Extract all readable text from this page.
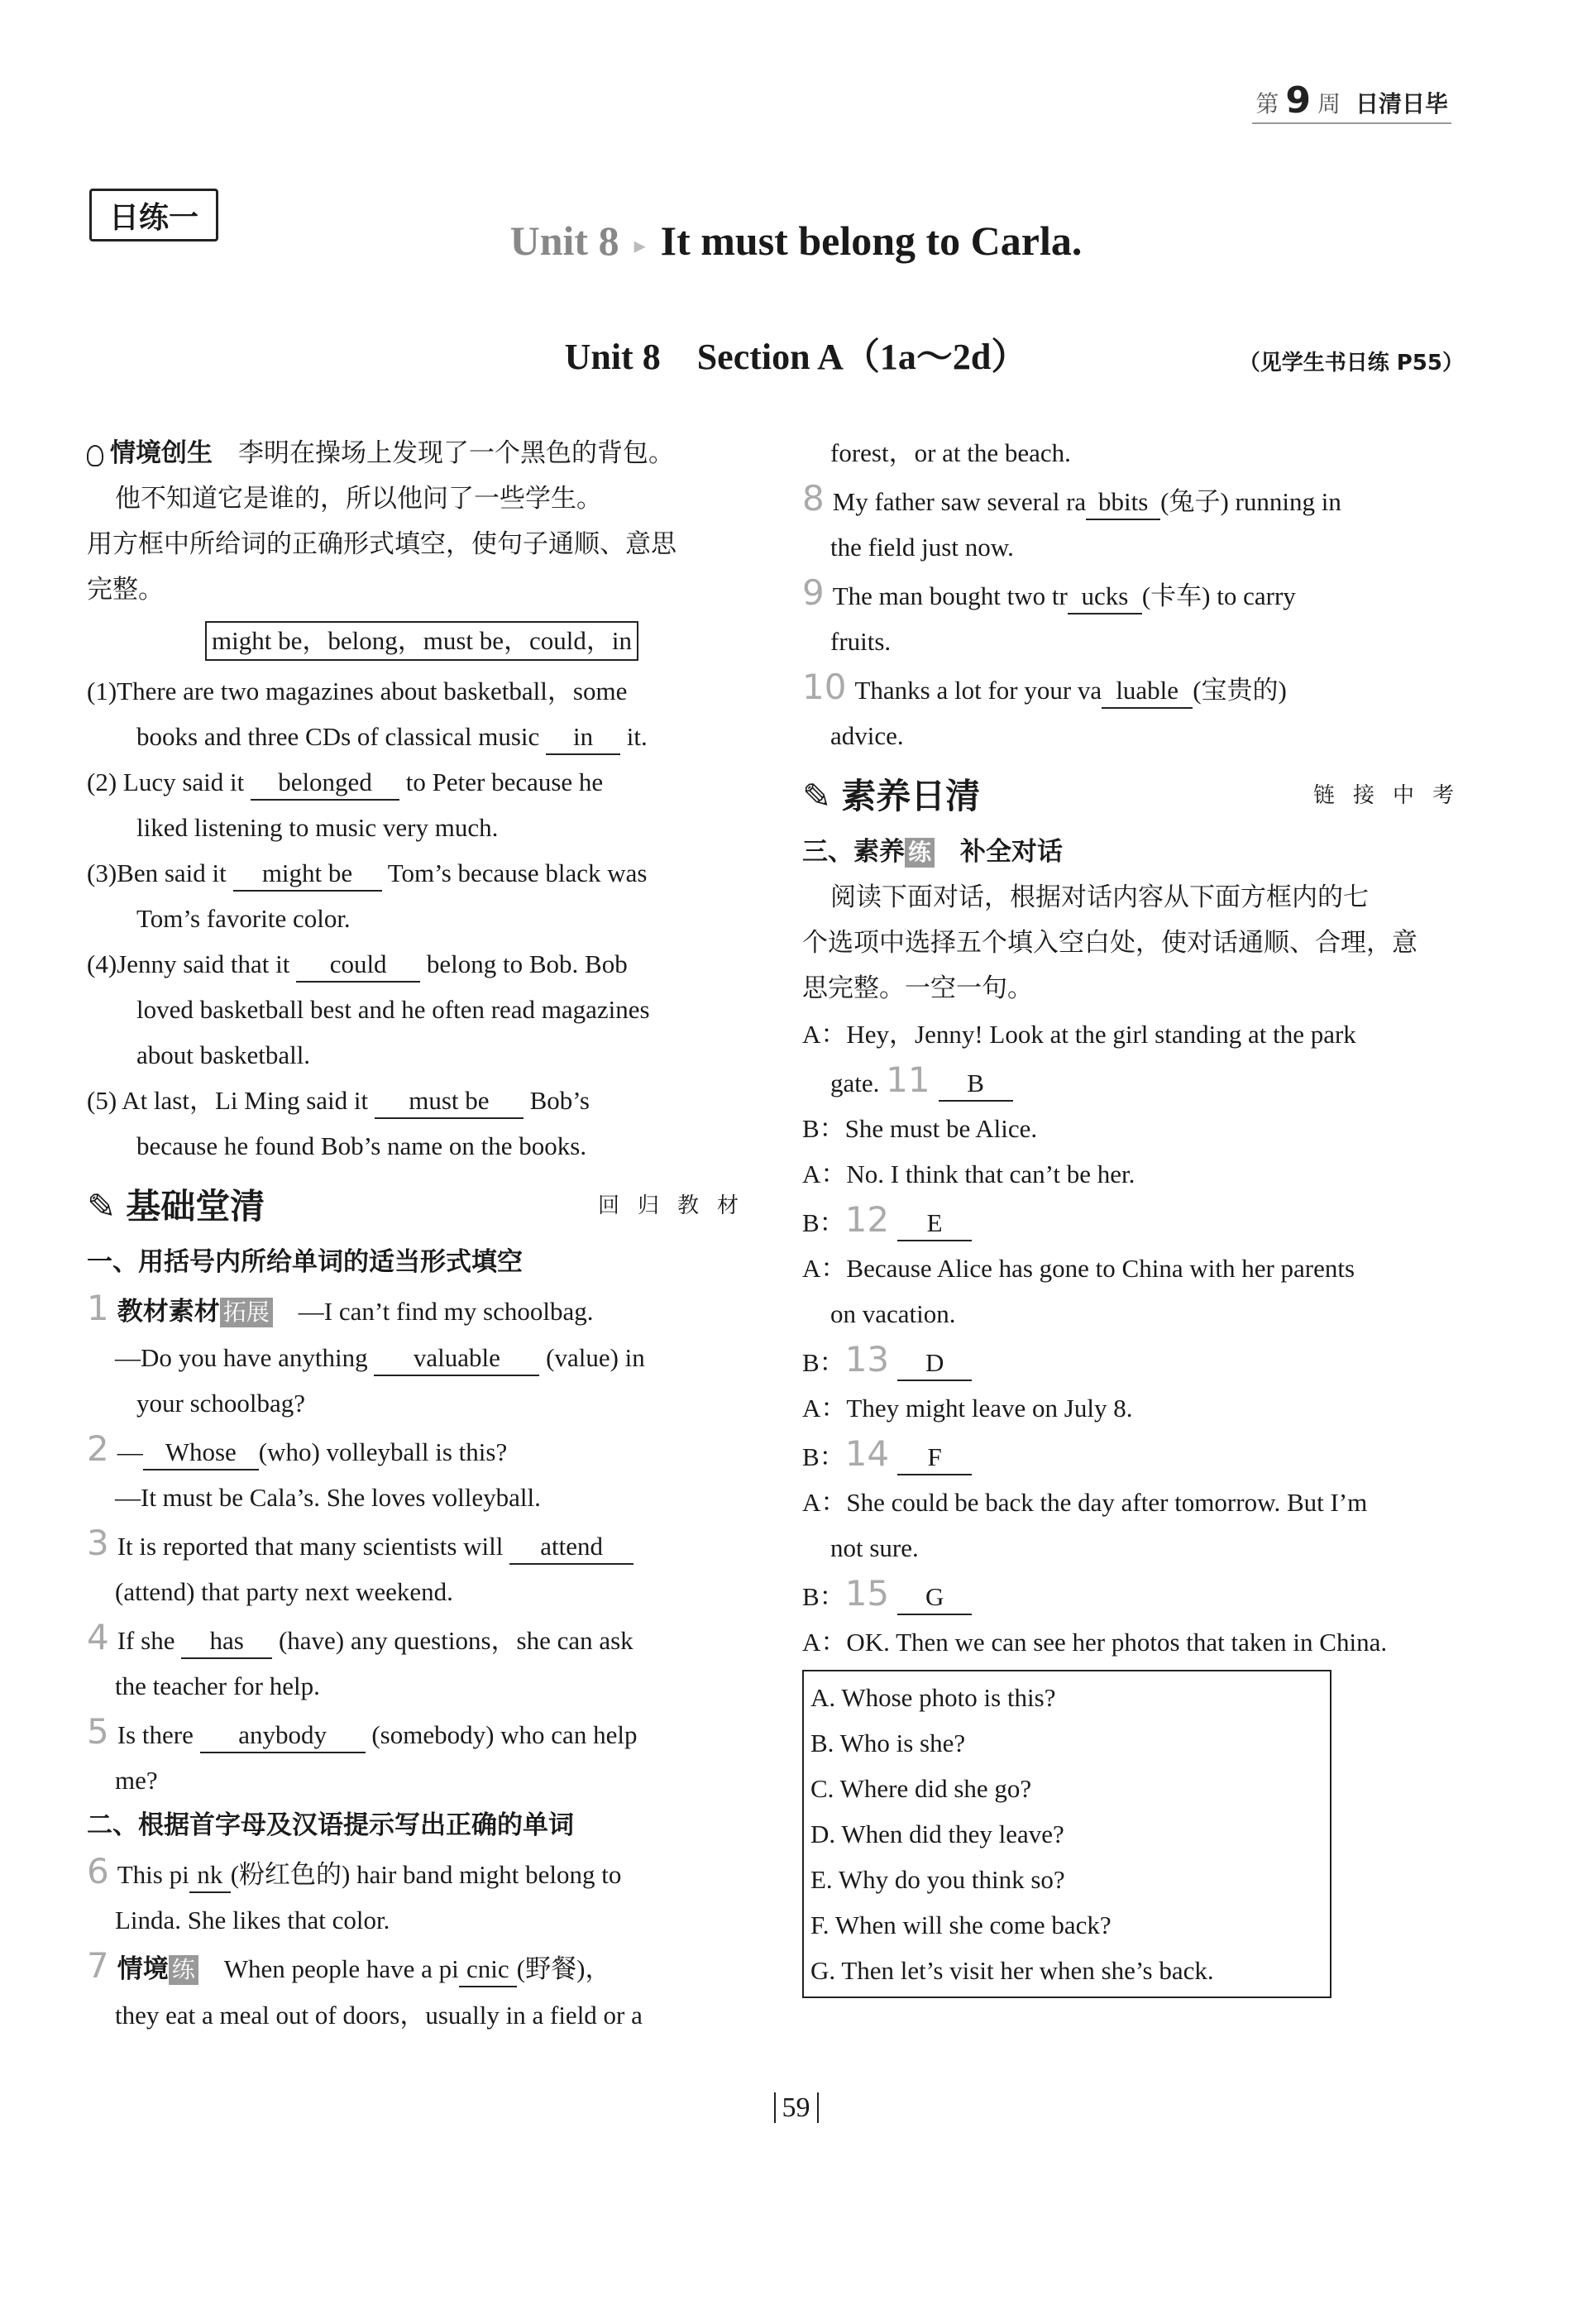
第 9 周 日清日毕
日练一	Unit 8 ▸ It must belong to Carla.
Unit 8　Section A（1a～2d）	（见学生书日练 P55）

情境创生　 李明在操场上发现了一个黑色的背包。

他不知道它是谁的，所以他问了一些学生。

用方框中所给词的正确形式填空，使句子通顺、意思

完整。

might be，belong，must be，could，in

(1)There are two magazines about basketball，some

books and three CDs of classical music in it.

(2) Lucy said it belonged to Peter because he

liked listening to music very much.

(3)Ben said it might be Tom’s because black was

Tom’s favorite color.

(4)Jenny said that it could belong to Bob. Bob

loved basketball best and he often read magazines

about basketball.

(5) At last，Li Ming said it must be Bob’s

because he found Bob’s name on the books.

✎ 基础堂清	回归教材

一、用括号内所给单词的适当形式填空

1 教材素材 拓展　 —I can’t find my schoolbag.

—Do you have anything valuable (value) in

your schoolbag?

2 — Whose (who) volleyball is this?

—It must be Cala’s. She loves volleyball.

3 It is reported that many scientists will attend

(attend) that party next weekend.

4 If she has (have) any questions，she can ask

the teacher for help.

5 Is there anybody (somebody) who can help

me?

二、根据首字母及汉语提示写出正确的单词

6 This pi nk (粉红色的) hair band might belong to

Linda. She likes that color.

7 情境 练　 When people have a pi cnic (野餐)，

they eat a meal out of doors，usually in a field or a

forest，or at the beach.

8 My father saw several ra bbits (兔子) running in

the field just now.

9 The man bought two tr ucks (卡车) to carry

fruits.

10 Thanks a lot for your va luable (宝贵的)

advice.

✎ 素养日清	链接中考

三、素养 练　 补全对话

阅读下面对话，根据对话内容从下面方框内的七

个选项中选择五个填入空白处，使对话通顺、合理，意

思完整。一空一句。

A：Hey，Jenny! Look at the girl standing at the park

gate. 11 B

B：She must be Alice.

A：No. I think that can’t be her.

B：12 E

A：Because Alice has gone to China with her parents

on vacation.

B：13 D

A：They might leave on July 8.

B：14 F

A：She could be back the day after tomorrow. But I’m

not sure.

B：15 G

A：OK. Then we can see her photos that taken in China.

A. Whose photo is this?

B. Who is she?

C. Where did she go?

D. When did they leave?

E. Why do you think so?

F. When will she come back?

G. Then let’s visit her when she’s back.

59
